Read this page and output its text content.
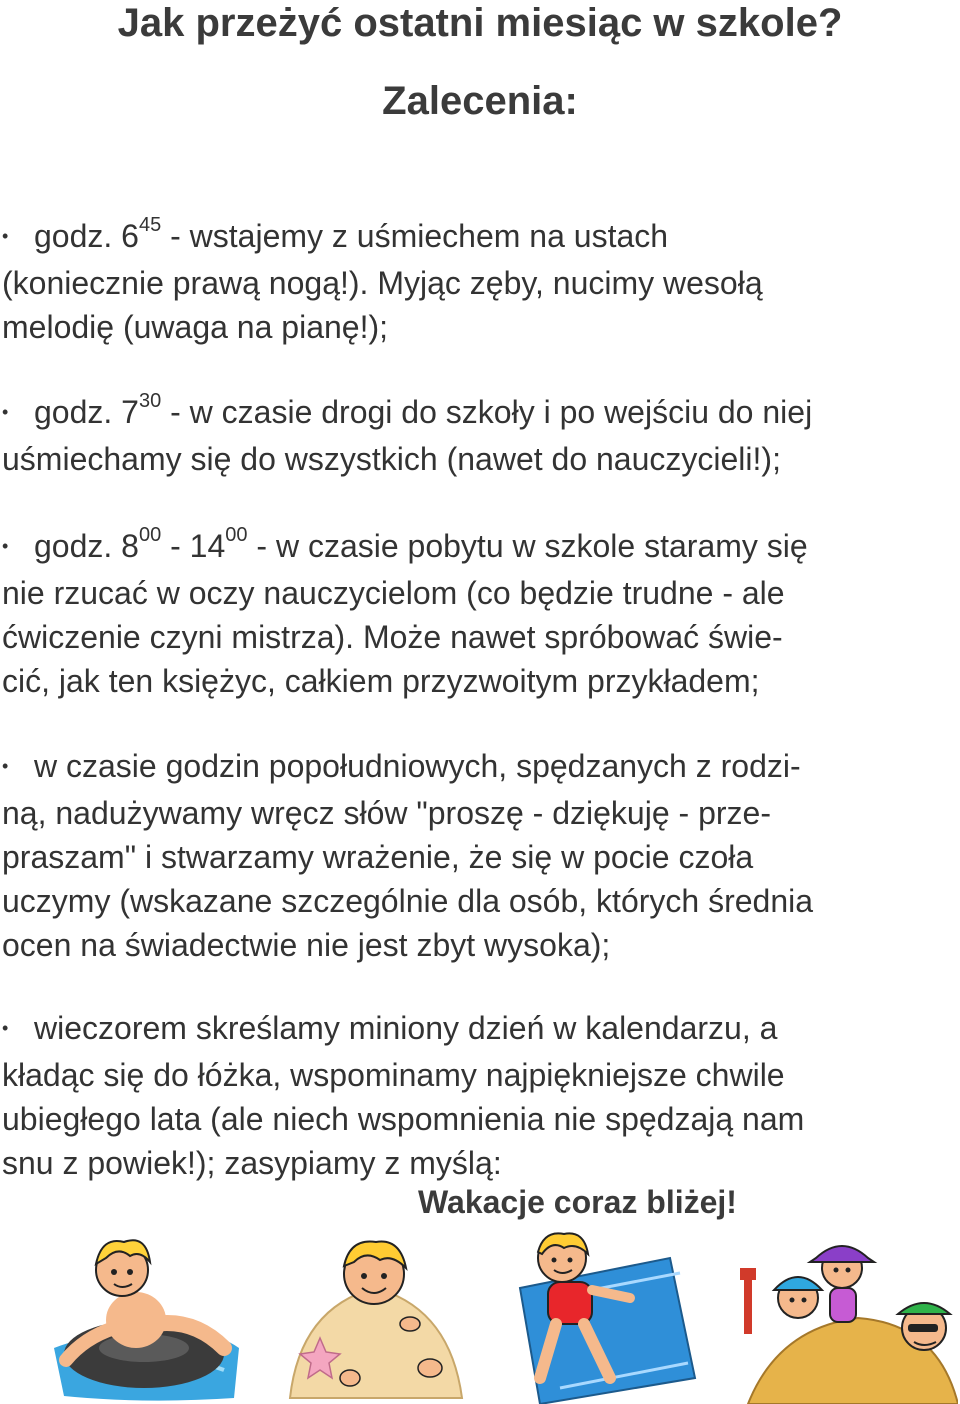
Jak przeżyć ostatni miesiąc w szkole?
Zalecenia:

• godz. $6^{45}$ - wstajemy z uśmiechem na ustach
(koniecznie prawą nogą!). Myjąc zęby, nucimy wesołą
melodię (uwaga na pianę!);

• godz. $7^{30}$ - w czasie drogi do szkoły i po wejściu do niej
uśmiechamy się do wszystkich (nawet do nauczycieli!);

• godz. $8^{00} - 14^{00}$ - w czasie pobytu w szkole staramy się
nie rzucać w oczy nauczycielom (co będzie trudne - ale
ćwiczenie czyni mistrza). Może nawet spróbować świe-
cić, jak ten księżyc, całkiem przyzwoitym przykładem;

• w czasie godzin popołudniowych, spędzanych z rodzi-
ną, nadużywamy wręcz słów "proszę - dziękuję - prze-
praszam" i stwarzamy wrażenie, że się w pocie czoła
uczymy (wskazane szczególnie dla osób, których średnia
ocen na świadectwie nie jest zbyt wysoka);

• wieczorem skreślamy miniony dzień w kalendarzu, a
kładąc się do łóżka, wspominamy najpiękniejsze chwile
ubiegłego lata (ale niech wspomnienia nie spędzają nam
snu z powiek!); zasypiamy z myślą:

Wakacje coraz bliżej!
